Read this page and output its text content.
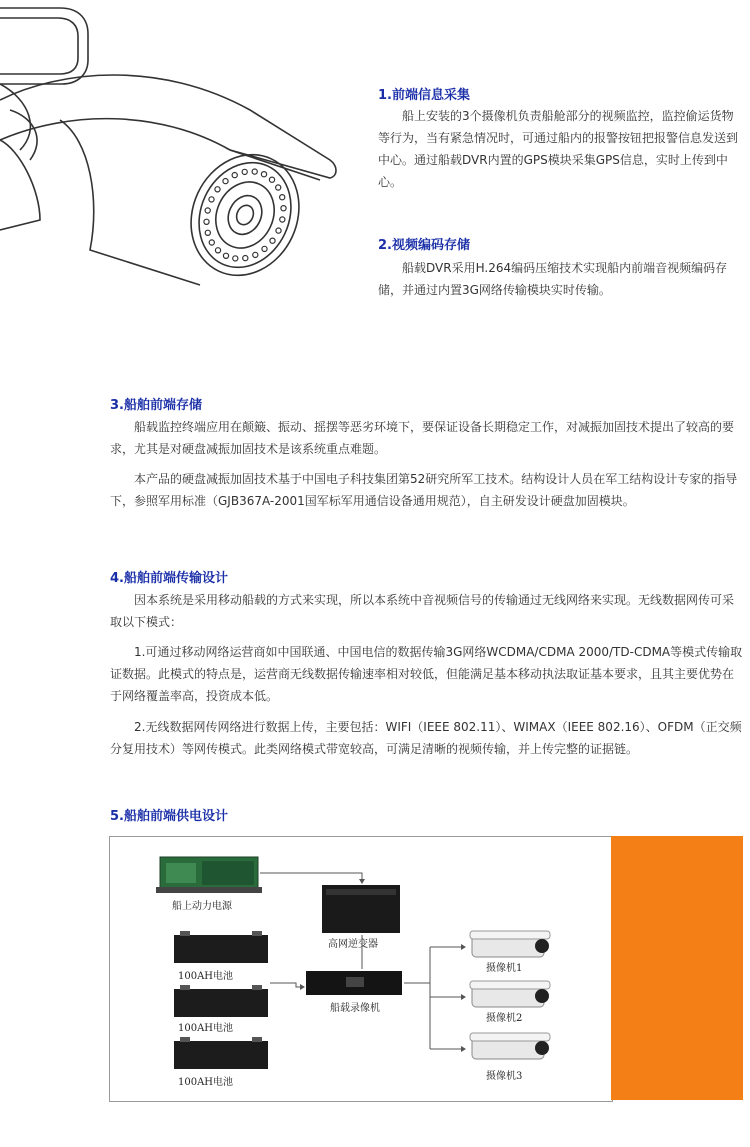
1.前端信息采集

船上安装的3个摄像机负责船舱部分的视频监控，监控偷运货物等行为，当有紧急情况时，可通过船内的报警按钮把报警信息发送到中心。通过船载DVR内置的GPS模块采集GPS信息，实时上传到中心。

2.视频编码存储

船载DVR采用H.264编码压缩技术实现船内前端音视频编码存储，并通过内置3G网络传输模块实时传输。

3.船舶前端存储

船载监控终端应用在颠簸、振动、摇摆等恶劣环境下，要保证设备长期稳定工作，对减振加固技术提出了较高的要求，尤其是对硬盘减振加固技术是该系统重点难题。

本产品的硬盘减振加固技术基于中国电子科技集团第52研究所军工技术。结构设计人员在军工结构设计专家的指导下，参照军用标准（GJB367A-2001国军标军用通信设备通用规范），自主研发设计硬盘加固模块。

4.船舶前端传输设计

因本系统是采用移动船载的方式来实现，所以本系统中音视频信号的传输通过无线网络来实现。无线数据网传可采取以下模式：

1.可通过移动网络运营商如中国联通、中国电信的数据传输3G网络WCDMA/CDMA 2000/TD-CDMA等模式传输取证数据。此模式的特点是，运营商无线数据传输速率相对较低，但能满足基本移动执法取证基本要求，且其主要优势在于网络覆盖率高，投资成本低。

2.无线数据网传网络进行数据上传，主要包括：WIFI（IEEE 802.11）、WIMAX（IEEE 802.16）、OFDM（正交频分复用技术）等网传模式。此类网络模式带宽较高，可满足清晰的视频传输，并上传完整的证据链。

5.船舶前端供电设计
船上动力电源
高网逆变器
100AH电池
100AH电池
100AH电池
船载录像机
摄像机1
摄像机2
摄像机3
